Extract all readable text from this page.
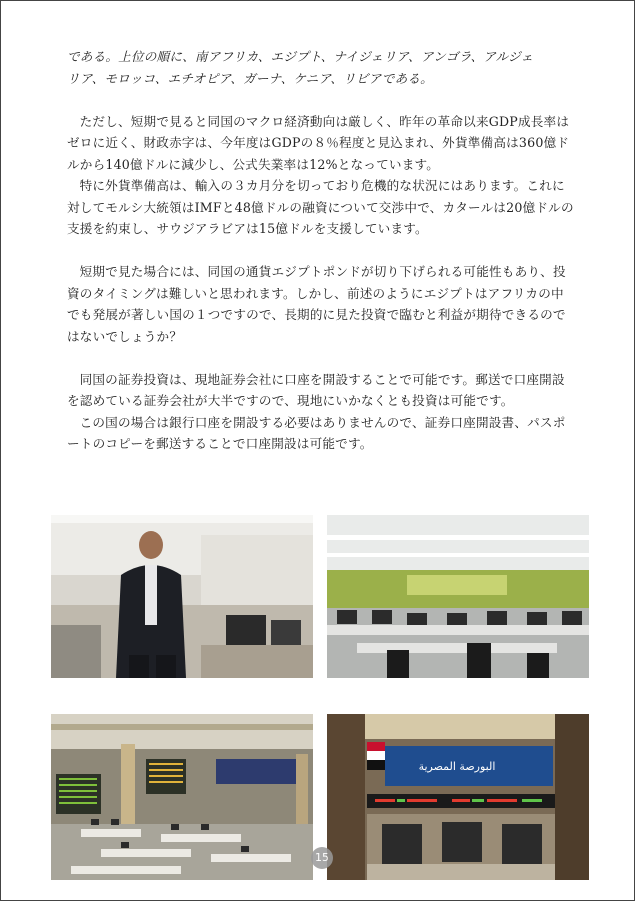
である。上位の順に、南アフリカ、エジプト、ナイジェリア、アンゴラ、アルジェ
リア、モロッコ、エチオピア、ガーナ、ケニア、リビアである。

ただし、短期で見ると同国のマクロ経済動向は厳しく、昨年の革命以来GDP成長率はゼロに近く、財政赤字は、今年度はGDPの８％程度と見込まれ、外貨準備高は360億ドルから140億ドルに減少し、公式失業率は12%となっています。

特に外貨準備高は、輸入の３カ月分を切っており危機的な状況にはあります。これに対してモルシ大統領はIMFと48億ドルの融資について交渉中で、カタールは20億ドルの支援を約束し、サウジアラビアは15億ドルを支援しています。

短期で見た場合には、同国の通貨エジプトポンドが切り下げられる可能性もあり、投資のタイミングは難しいと思われます。しかし、前述のようにエジプトはアフリカの中でも発展が著しい国の１つですので、長期的に見た投資で臨むと利益が期待できるのではないでしょうか？

同国の証券投資は、現地証券会社に口座を開設することで可能です。郵送で口座開設を認めている証券会社が大半ですので、現地にいかなくとも投資は可能です。

この国の場合は銀行口座を開設する必要はありませんので、証券口座開設書、パスポートのコピーを郵送することで口座開設は可能です。

البورصة المصرية
15
